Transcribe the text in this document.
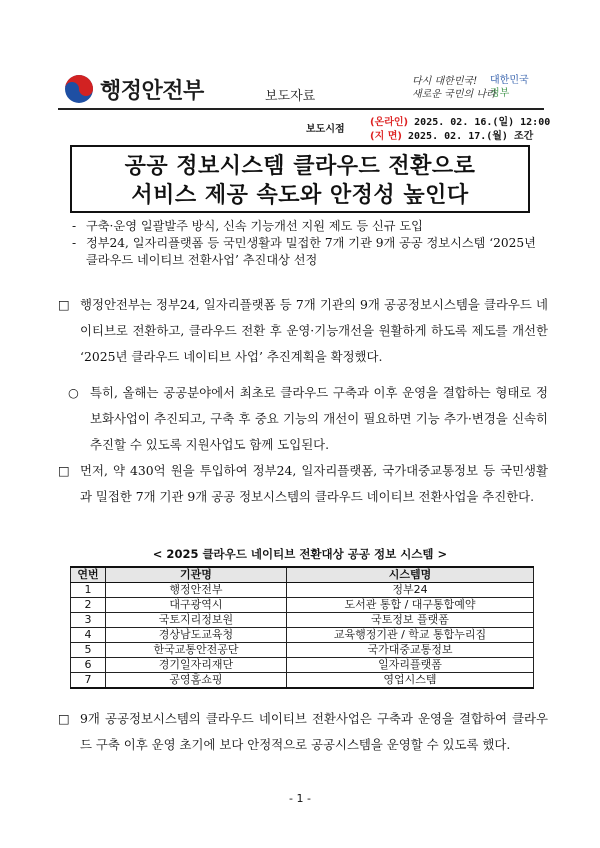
행정안전부	보도자료
다시 대한민국!
새로운 국민의 나라
대한민국
정부
보도시점
(온라인) 2025. 02. 16.(일) 12:00
(지 면) 2025. 02. 17.(월) 조간
공공 정보시스템 클라우드 전환으로
서비스 제공 속도와 안정성 높인다
- 구축·운영 일괄발주 방식, 신속 기능개선 지원 제도 등 신규 도입
- 정부24, 일자리플랫폼 등 국민생활과 밀접한 7개 기관 9개 공공 정보시스템 ‘2025년 클라우드 네이티브 전환사업’ 추진대상 선정
□ 행정안전부는 정부24, 일자리플랫폼 등 7개 기관의 9개 공공정보시스템을 클라우드 네이티브로 전환하고, 클라우드 전환 후 운영·기능개선을 원활하게 하도록 제도를 개선한 ‘2025년 클라우드 네이티브 사업’ 추진계획을 확정했다.
○ 특히, 올해는 공공분야에서 최초로 클라우드 구축과 이후 운영을 결합하는 형태로 정보화사업이 추진되고, 구축 후 중요 기능의 개선이 필요하면 기능 추가·변경을 신속히 추진할 수 있도록 지원사업도 함께 도입된다.
□ 먼저, 약 430억 원을 투입하여 정부24, 일자리플랫폼, 국가대중교통정보 등 국민생활과 밀접한 7개 기관 9개 공공 정보시스템의 클라우드 네이티브 전환사업을 추진한다.
< 2025 클라우드 네이티브 전환대상 공공 정보 시스템 >
연번	기관명	시스템명
1	행정안전부	정부24
2	대구광역시	도서관 통합 / 대구통합예약
3	국토지리정보원	국토정보 플랫폼
4	경상남도교육청	교육행정기관 / 학교 통합누리집
5	한국교통안전공단	국가대중교통정보
6	경기일자리재단	일자리플랫폼
7	공영홈쇼핑	영업시스템
□ 9개 공공정보시스템의 클라우드 네이티브 전환사업은 구축과 운영을 결합하여 클라우드 구축 이후 운영 초기에 보다 안정적으로 공공시스템을 운영할 수 있도록 했다.
- 1 -
